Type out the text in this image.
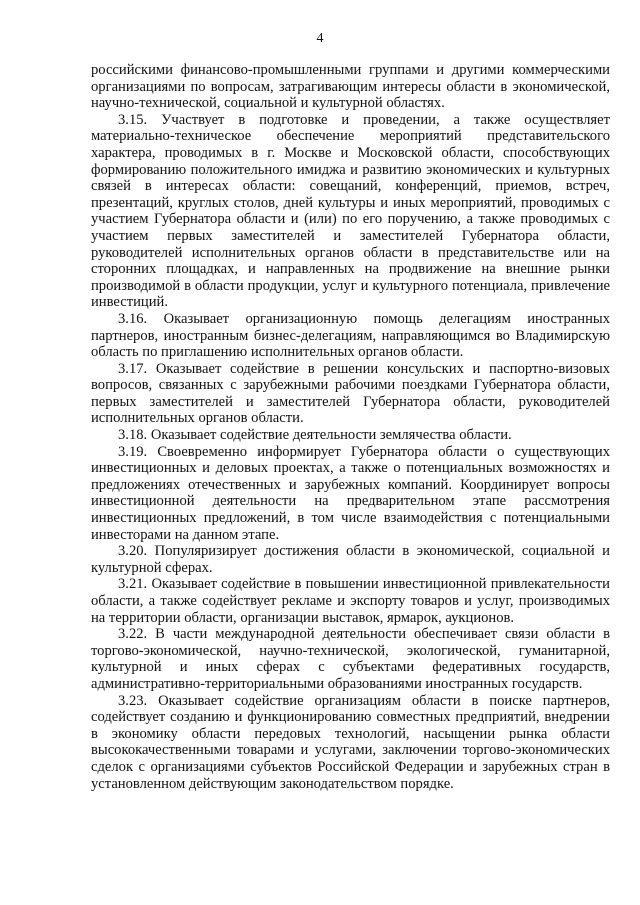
4

российскими финансово-промышленными группами и другими коммерческими организациями по вопросам, затрагивающим интересы области в экономической, научно-технической, социальной и культурной областях.

3.15. Участвует в подготовке и проведении, а также осуществляет материально-техническое обеспечение мероприятий представительского характера, проводимых в г. Москве и Московской области, способствующих формированию положительного имиджа и развитию экономических и культурных связей в интересах области: совещаний, конференций, приемов, встреч, презентаций, круглых столов, дней культуры и иных мероприятий, проводимых с участием Губернатора области и (или) по его поручению, а также проводимых с участием первых заместителей и заместителей Губернатора области, руководителей исполнительных органов области в представительстве или на сторонних площадках, и направленных на продвижение на внешние рынки производимой в области продукции, услуг и культурного потенциала, привлечение инвестиций.

3.16. Оказывает организационную помощь делегациям иностранных партнеров, иностранным бизнес-делегациям, направляющимся во Владимирскую область по приглашению исполнительных органов области.

3.17. Оказывает содействие в решении консульских и паспортно-визовых вопросов, связанных с зарубежными рабочими поездками Губернатора области, первых заместителей и заместителей Губернатора области, руководителей исполнительных органов области.

3.18. Оказывает содействие деятельности землячества области.

3.19. Своевременно информирует Губернатора области о существующих инвестиционных и деловых проектах, а также о потенциальных возможностях и предложениях отечественных и зарубежных компаний. Координирует вопросы инвестиционной деятельности на предварительном этапе рассмотрения инвестиционных предложений, в том числе взаимодействия с потенциальными инвесторами на данном этапе.

3.20. Популяризирует достижения области в экономической, социальной и культурной сферах.

3.21. Оказывает содействие в повышении инвестиционной привлекательности области, а также содействует рекламе и экспорту товаров и услуг, производимых на территории области, организации выставок, ярмарок, аукционов.

3.22. В части международной деятельности обеспечивает связи области в торгово-экономической, научно-технической, экологической, гуманитарной, культурной и иных сферах с субъектами федеративных государств, административно-территориальными образованиями иностранных государств.

3.23. Оказывает содействие организациям области в поиске партнеров, содействует созданию и функционированию совместных предприятий, внедрении в экономику области передовых технологий, насыщении рынка области высококачественными товарами и услугами, заключении торгово-экономических сделок с организациями субъектов Российской Федерации и зарубежных стран в установленном действующим законодательством порядке.
